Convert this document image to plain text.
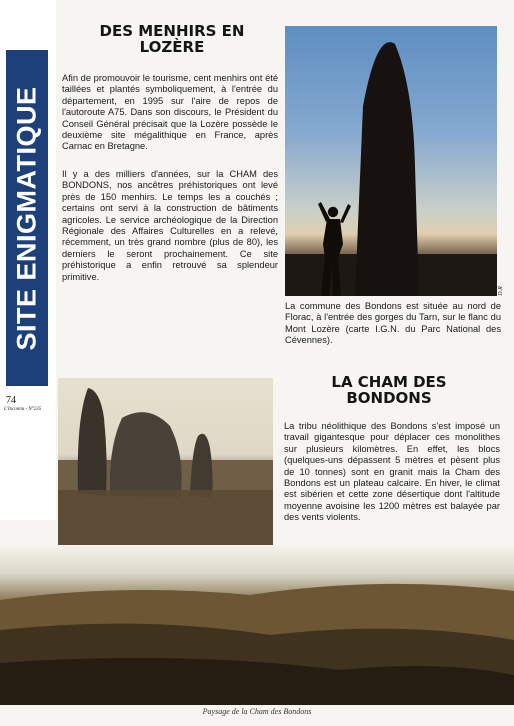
SITE ENIGMATIQUE
74
L'Inconnu - N°235
DES MENHIRS EN
LOZÈRE

Afin de promouvoir le tourisme, cent menhirs ont été taillées et plantés symboliquement, à l'entrée du département, en 1995 sur l'aire de repos de l'autoroute A75. Dans son discours, le Président du Conseil Général précisait que la Lozère possède le deuxième site mégalithique en France, après Carnac en Bretagne.

Il y a des milliers d'années, sur la CHAM des BONDONS, nos ancêtres préhistoriques ont levé près de 150 menhirs. Le temps les a couchés ; certains ont servi à la construction de bâtiments agricoles. Le service archéologique de la Direction Régionale des Affaires Culturelles en a relevé, récemment, un très grand nombre (plus de 80), les derniers le seront prochainement. Ce site préhistorique a enfin retrouvé sa splendeur primitive.

D.R

La commune des Bondons est située au nord de Florac, à l'entrée des gorges du Tarn, sur le flanc du Mont Lozère (carte I.G.N. du Parc National des Cévennes).

LA CHAM DES
BONDONS

La tribu néolithique des Bondons s'est imposé un travail gigantesque pour déplacer ces monolithes sur plusieurs kilomètres. En effet, les blocs (quelques-uns dépassent 5 mètres et pèsent plus de 10 tonnes) sont en granit mais la Cham des Bondons est un plateau calcaire. En hiver, le climat est sibérien et cette zone désertique dont l'altitude moyenne avoisine les 1200 mètres est balayée par des vents violents.

Paysage de la Cham des Bondons
